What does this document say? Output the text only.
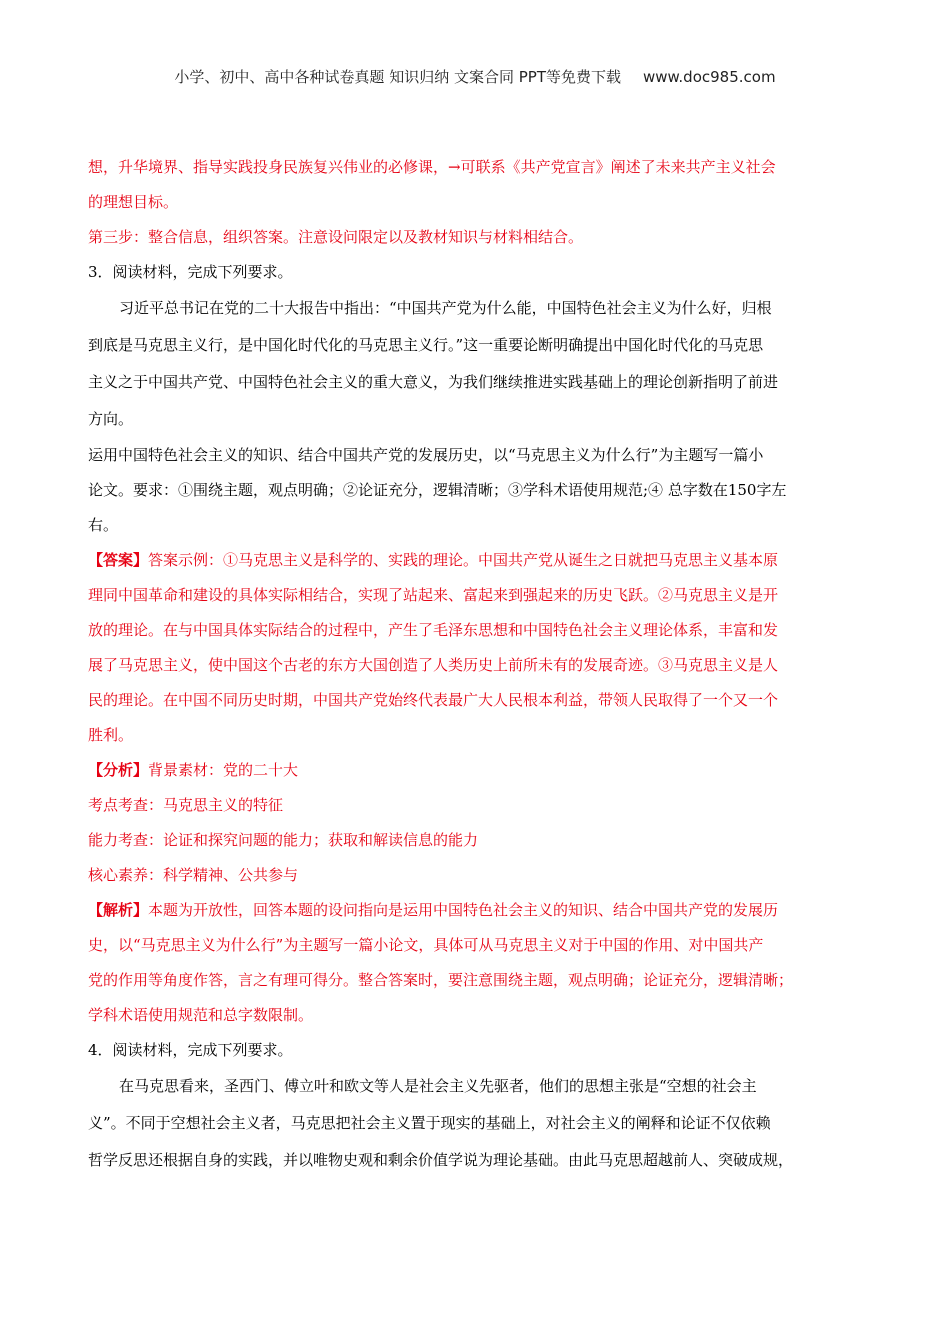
小学、初中、高中各种试卷真题 知识归纳 文案合同 PPT等免费下载 www.doc985.com
想，升华境界、指导实践投身民族复兴伟业的必修课，→可联系《共产党宣言》阐述了未来共产主义社会
的理想目标。
第三步：整合信息，组织答案。注意设问限定以及教材知识与材料相结合。
3．阅读材料，完成下列要求。
习近平总书记在党的二十大报告中指出：“中国共产党为什么能，中国特色社会主义为什么好，归根
到底是马克思主义行，是中国化时代化的马克思主义行。”这一重要论断明确提出中国化时代化的马克思
主义之于中国共产党、中国特色社会主义的重大意义，为我们继续推进实践基础上的理论创新指明了前进
方向。
运用中国特色社会主义的知识、结合中国共产党的发展历史，以“马克思主义为什么行”为主题写一篇小
论文。要求：①围绕主题，观点明确；②论证充分，逻辑清晰；③学科术语使用规范;④ 总字数在150字左
右。
【答案】答案示例：①马克思主义是科学的、实践的理论。中国共产党从诞生之日就把马克思主义基本原
理同中国革命和建设的具体实际相结合，实现了站起来、富起来到强起来的历史飞跃。②马克思主义是开
放的理论。在与中国具体实际结合的过程中，产生了毛泽东思想和中国特色社会主义理论体系，丰富和发
展了马克思主义，使中国这个古老的东方大国创造了人类历史上前所未有的发展奇迹。③马克思主义是人
民的理论。在中国不同历史时期，中国共产党始终代表最广大人民根本利益，带领人民取得了一个又一个
胜利。
【分析】背景素材：党的二十大
考点考查：马克思主义的特征
能力考查：论证和探究问题的能力；获取和解读信息的能力
核心素养：科学精神、公共参与
【解析】本题为开放性，回答本题的设问指向是运用中国特色社会主义的知识、结合中国共产党的发展历
史，以“马克思主义为什么行”为主题写一篇小论文，具体可从马克思主义对于中国的作用、对中国共产
党的作用等角度作答，言之有理可得分。整合答案时，要注意围绕主题，观点明确；论证充分，逻辑清晰；
学科术语使用规范和总字数限制。
4．阅读材料，完成下列要求。
在马克思看来，圣西门、傅立叶和欧文等人是社会主义先驱者，他们的思想主张是“空想的社会主
义”。不同于空想社会主义者，马克思把社会主义置于现实的基础上，对社会主义的阐释和论证不仅依赖
哲学反思还根据自身的实践，并以唯物史观和剩余价值学说为理论基础。由此马克思超越前人、突破成规，
